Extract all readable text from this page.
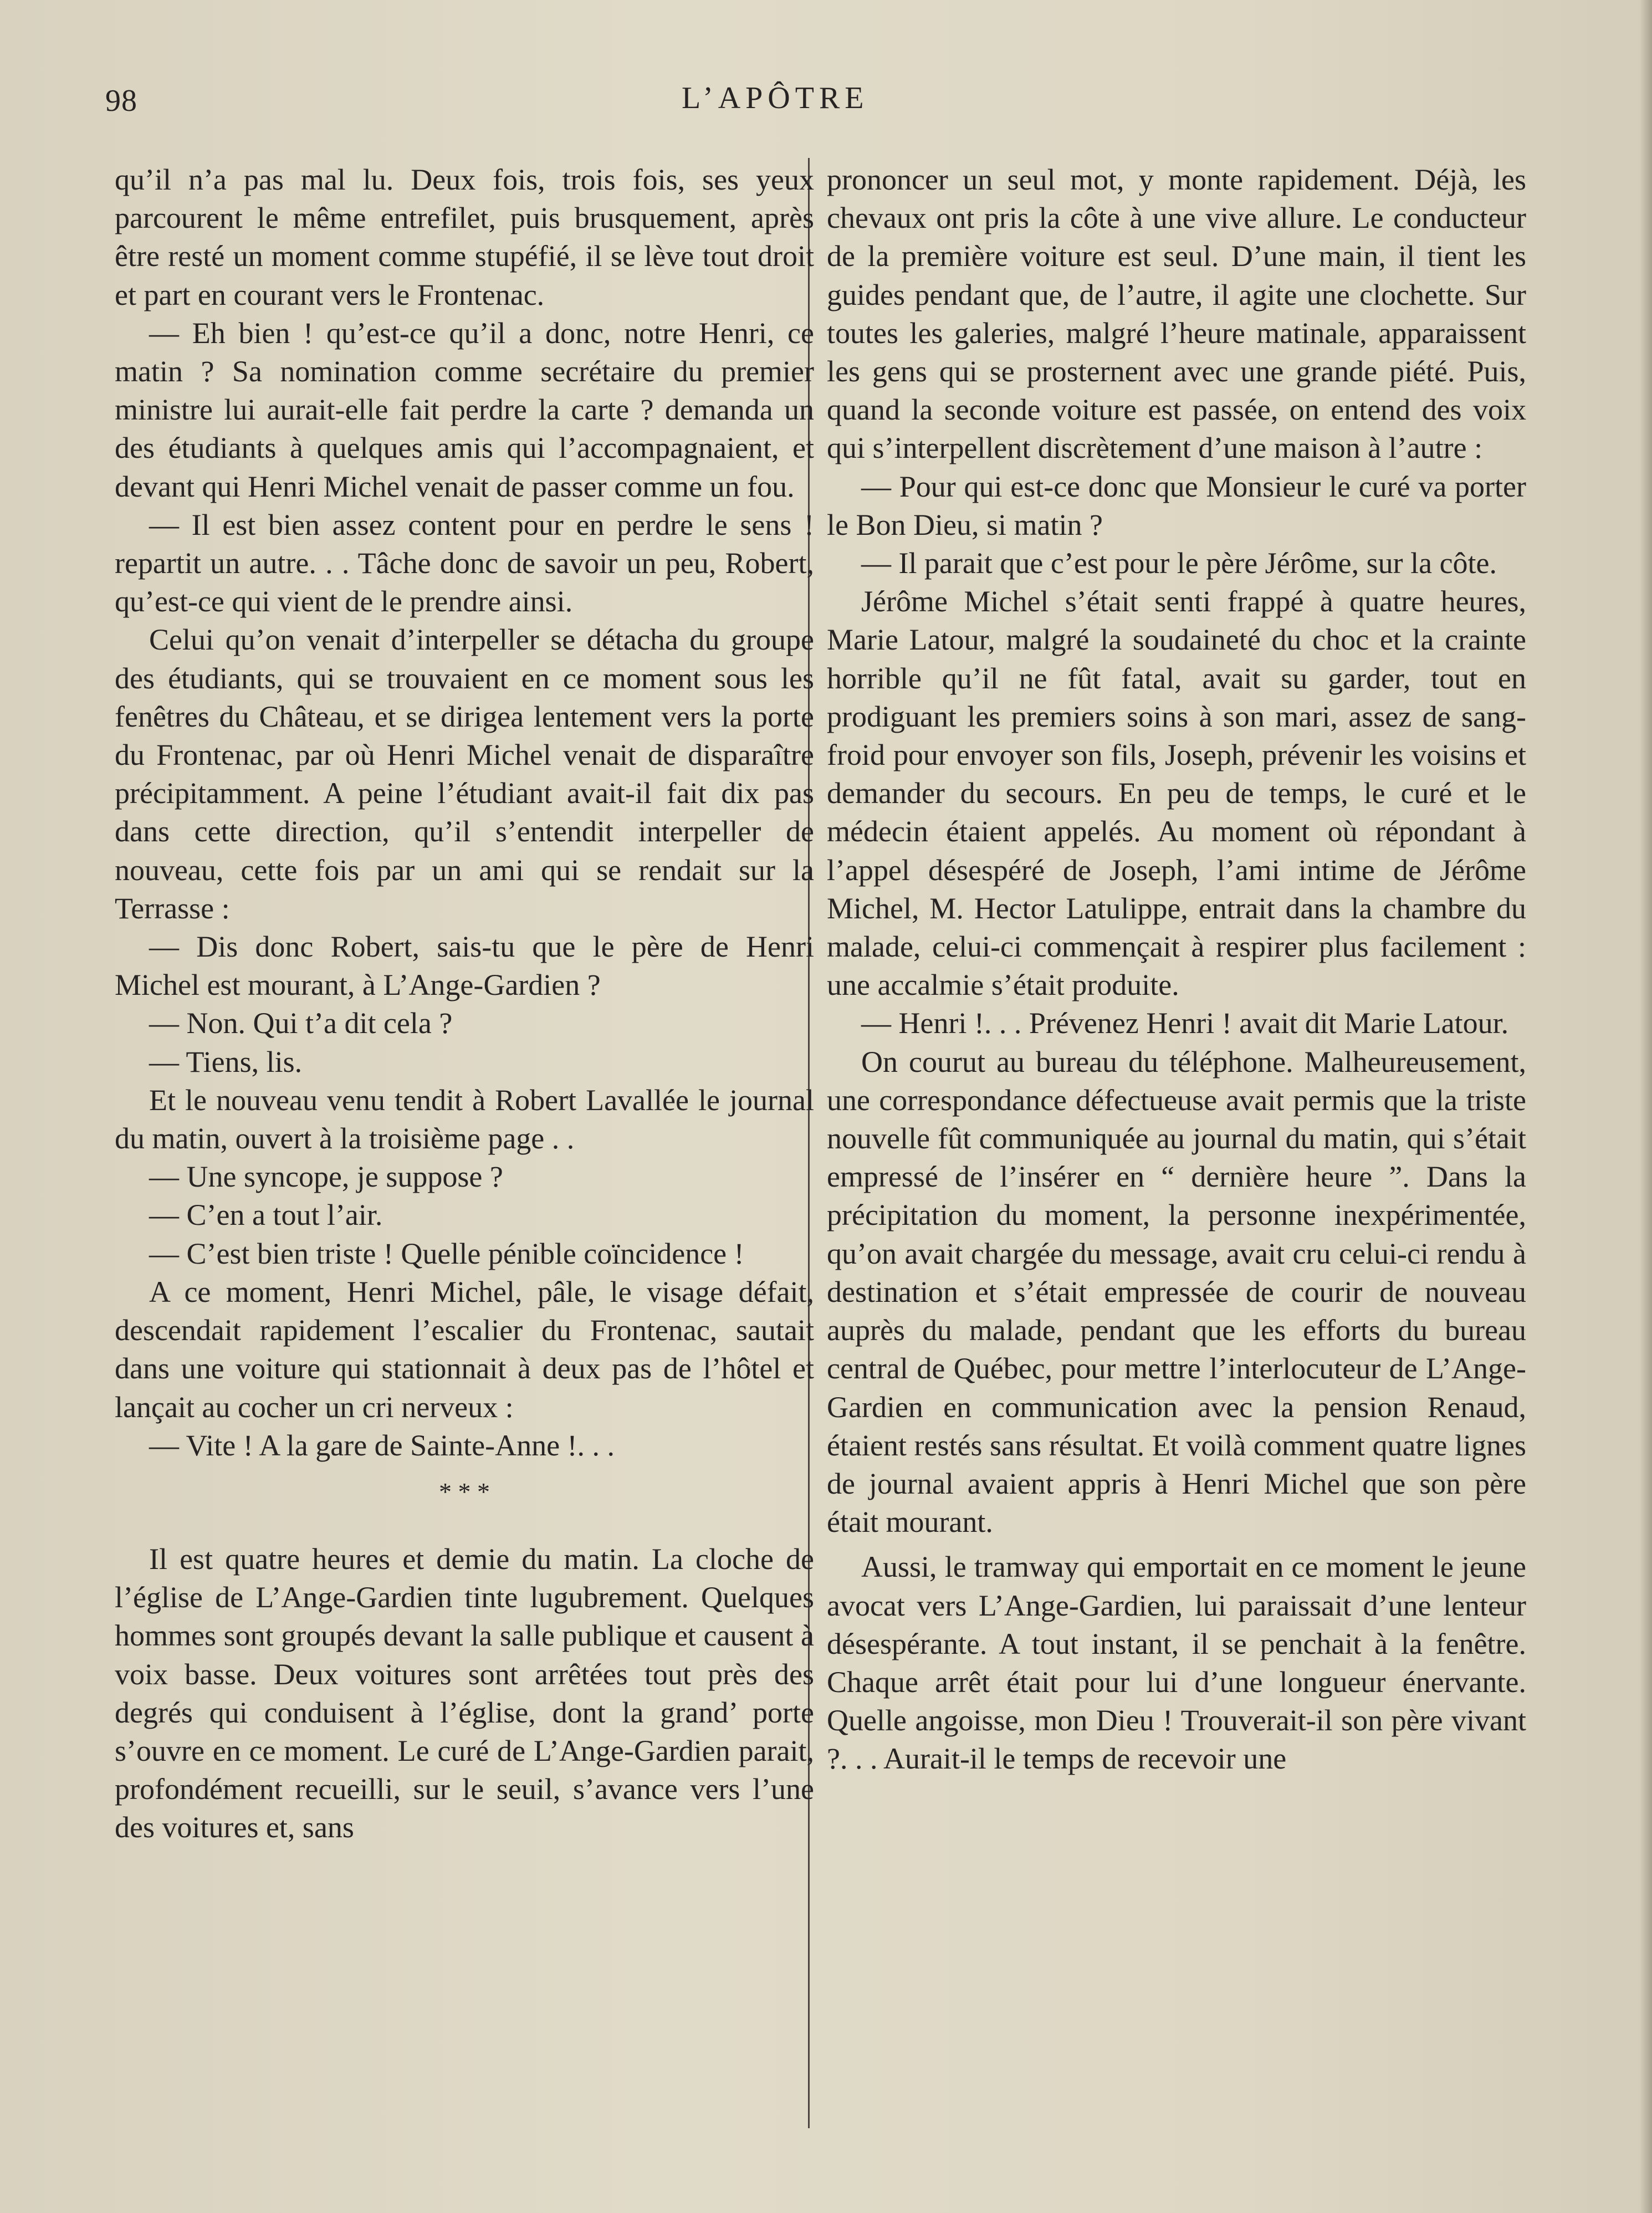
98	L’APÔTRE

qu’il n’a pas mal lu. Deux fois, trois fois, ses yeux parcourent le même entrefilet, puis brusquement, après être resté un moment comme stupéfié, il se lève tout droit et part en courant vers le Frontenac.

— Eh bien ! qu’est-ce qu’il a donc, notre Henri, ce matin ? Sa nomination comme secrétaire du premier ministre lui aurait-elle fait perdre la carte ? demanda un des étudiants à quelques amis qui l’accompagnaient, et devant qui Henri Michel venait de passer comme un fou.

— Il est bien assez content pour en perdre le sens ! repartit un autre. . . Tâche donc de savoir un peu, Robert, qu’est-ce qui vient de le prendre ainsi.

Celui qu’on venait d’interpeller se détacha du groupe des étudiants, qui se trouvaient en ce moment sous les fenêtres du Château, et se dirigea lentement vers la porte du Frontenac, par où Henri Michel venait de disparaître précipitamment. A peine l’étudiant avait-il fait dix pas dans cette direction, qu’il s’entendit interpeller de nouveau, cette fois par un ami qui se rendait sur la Terrasse :

— Dis donc Robert, sais-tu que le père de Henri Michel est mourant, à L’Ange-Gardien ?

— Non. Qui t’a dit cela ?

— Tiens, lis.

Et le nouveau venu tendit à Robert Lavallée le journal du matin, ouvert à la troisième page . .

— Une syncope, je suppose ?

— C’en a tout l’air.

— C’est bien triste ! Quelle pénible coïncidence !

A ce moment, Henri Michel, pâle, le visage défait, descendait rapidement l’escalier du Frontenac, sautait dans une voiture qui stationnait à deux pas de l’hôtel et lançait au cocher un cri nerveux :

— Vite ! A la gare de Sainte-Anne !. . .

* * *

Il est quatre heures et demie du matin. La cloche de l’église de L’Ange-Gardien tinte lugubrement. Quelques hommes sont groupés devant la salle publique et causent à voix basse. Deux voitures sont arrêtées tout près des degrés qui conduisent à l’église, dont la grand’ porte s’ouvre en ce moment. Le curé de L’Ange-Gardien parait, profondément recueilli, sur le seuil, s’avance vers l’une des voitures et, sans

prononcer un seul mot, y monte rapidement. Déjà, les chevaux ont pris la côte à une vive allure. Le conducteur de la première voiture est seul. D’une main, il tient les guides pendant que, de l’autre, il agite une clochette. Sur toutes les galeries, malgré l’heure matinale, apparaissent les gens qui se prosternent avec une grande piété. Puis, quand la seconde voiture est passée, on entend des voix qui s’interpellent discrètement d’une maison à l’autre :

— Pour qui est-ce donc que Monsieur le curé va porter le Bon Dieu, si matin ?

— Il parait que c’est pour le père Jérôme, sur la côte.

Jérôme Michel s’était senti frappé à quatre heures, Marie Latour, malgré la soudaineté du choc et la crainte horrible qu’il ne fût fatal, avait su garder, tout en prodiguant les premiers soins à son mari, assez de sang-froid pour envoyer son fils, Joseph, prévenir les voisins et demander du secours. En peu de temps, le curé et le médecin étaient appelés. Au moment où répondant à l’appel désespéré de Joseph, l’ami intime de Jérôme Michel, M. Hector Latulippe, entrait dans la chambre du malade, celui-ci commençait à respirer plus facilement : une accalmie s’était produite.

— Henri !. . . Prévenez Henri ! avait dit Marie Latour.

On courut au bureau du téléphone. Malheureusement, une correspondance défectueuse avait permis que la triste nouvelle fût communiquée au journal du matin, qui s’était empressé de l’insérer en “ dernière heure ”. Dans la précipitation du moment, la personne inexpérimentée, qu’on avait chargée du message, avait cru celui-ci rendu à destination et s’était empressée de courir de nouveau auprès du malade, pendant que les efforts du bureau central de Québec, pour mettre l’interlocuteur de L’Ange-Gardien en communication avec la pension Renaud, étaient restés sans résultat. Et voilà comment quatre lignes de journal avaient appris à Henri Michel que son père était mourant.

Aussi, le tramway qui emportait en ce moment le jeune avocat vers L’Ange-Gardien, lui paraissait d’une lenteur désespérante. A tout instant, il se penchait à la fenêtre. Chaque arrêt était pour lui d’une longueur énervante. Quelle angoisse, mon Dieu ! Trouverait-il son père vivant ?. . . Aurait-il le temps de recevoir une
